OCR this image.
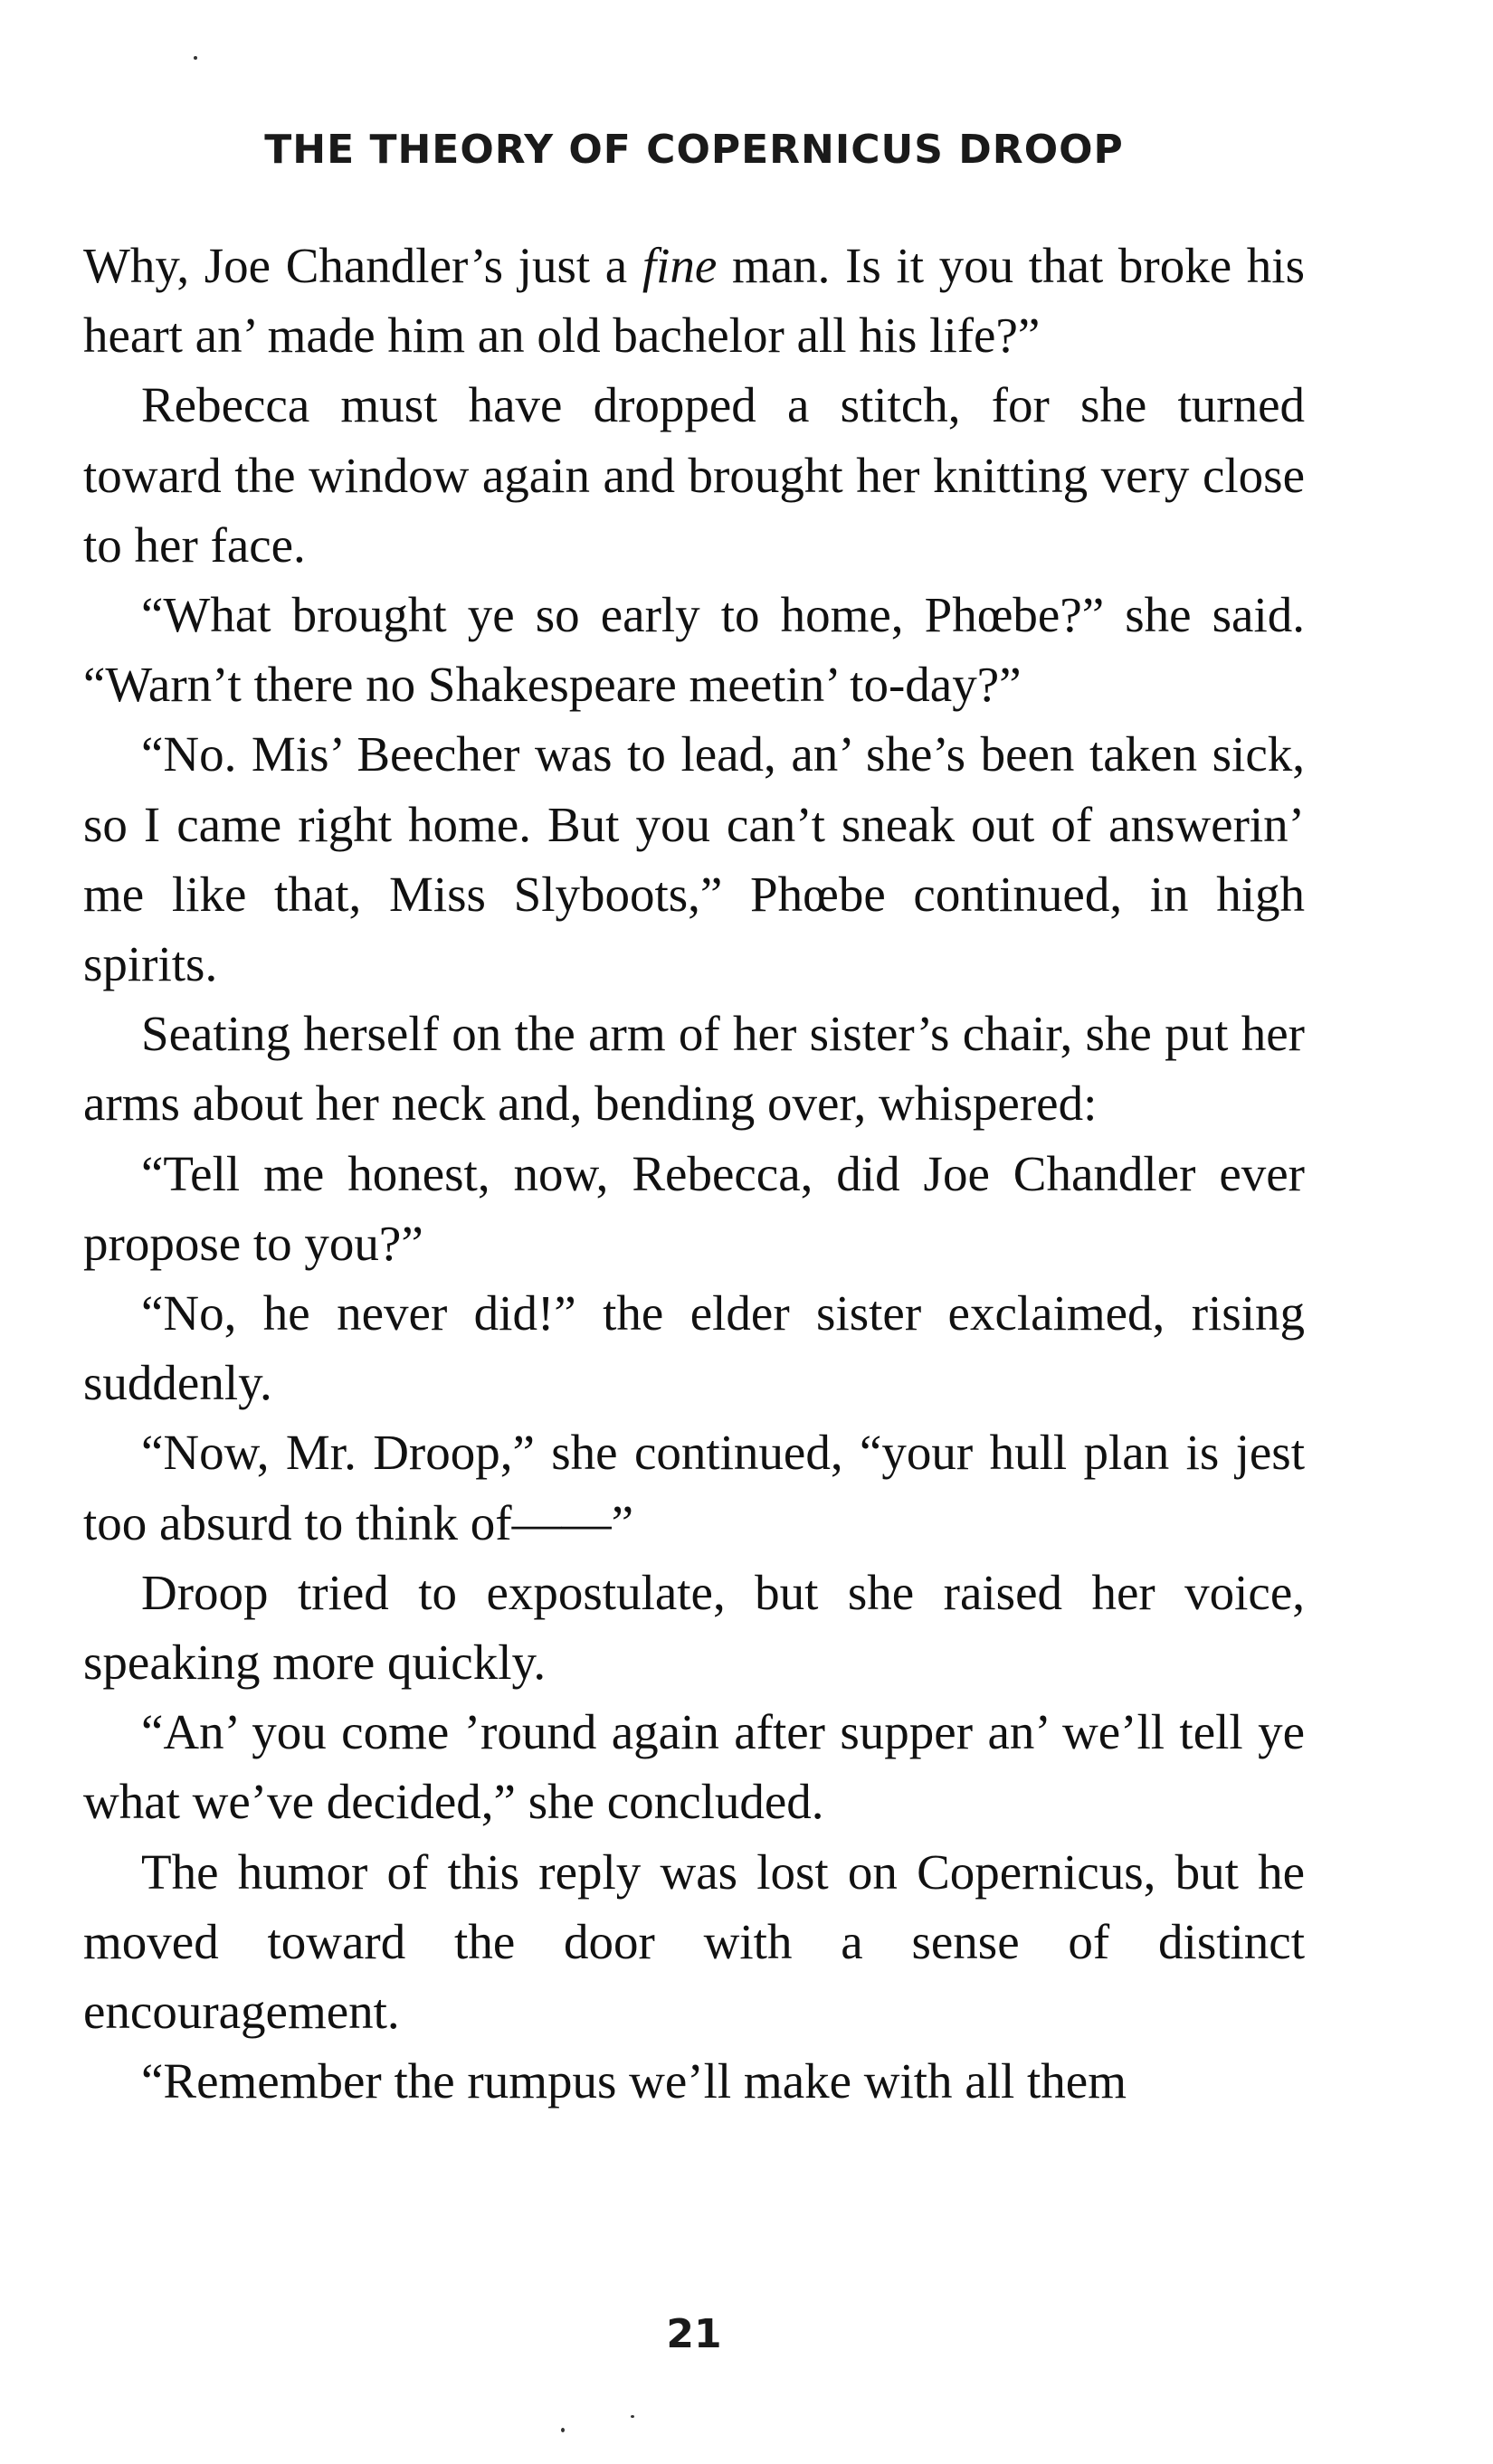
THE THEORY OF COPERNICUS DROOP

Why, Joe Chandler’s just a fine man. Is it you that broke his heart an’ made him an old bachelor all his life?”

Rebecca must have dropped a stitch, for she turned toward the window again and brought her knitting very close to her face.

“What brought ye so early to home, Phœbe?” she said. “Warn’t there no Shakespeare meetin’ to-day?”

“No. Mis’ Beecher was to lead, an’ she’s been taken sick, so I came right home. But you can’t sneak out of answerin’ me like that, Miss Slyboots,” Phœbe continued, in high spirits.

Seating herself on the arm of her sister’s chair, she put her arms about her neck and, bending over, whispered:

“Tell me honest, now, Rebecca, did Joe Chandler ever propose to you?”

“No, he never did!” the elder sister exclaimed, rising suddenly.

“Now, Mr. Droop,” she continued, “your hull plan is jest too absurd to think of——”

Droop tried to expostulate, but she raised her voice, speaking more quickly.

“An’ you come ’round again after supper an’ we’ll tell ye what we’ve decided,” she concluded.

The humor of this reply was lost on Copernicus, but he moved toward the door with a sense of distinct encouragement.

“Remember the rumpus we’ll make with all them

21
